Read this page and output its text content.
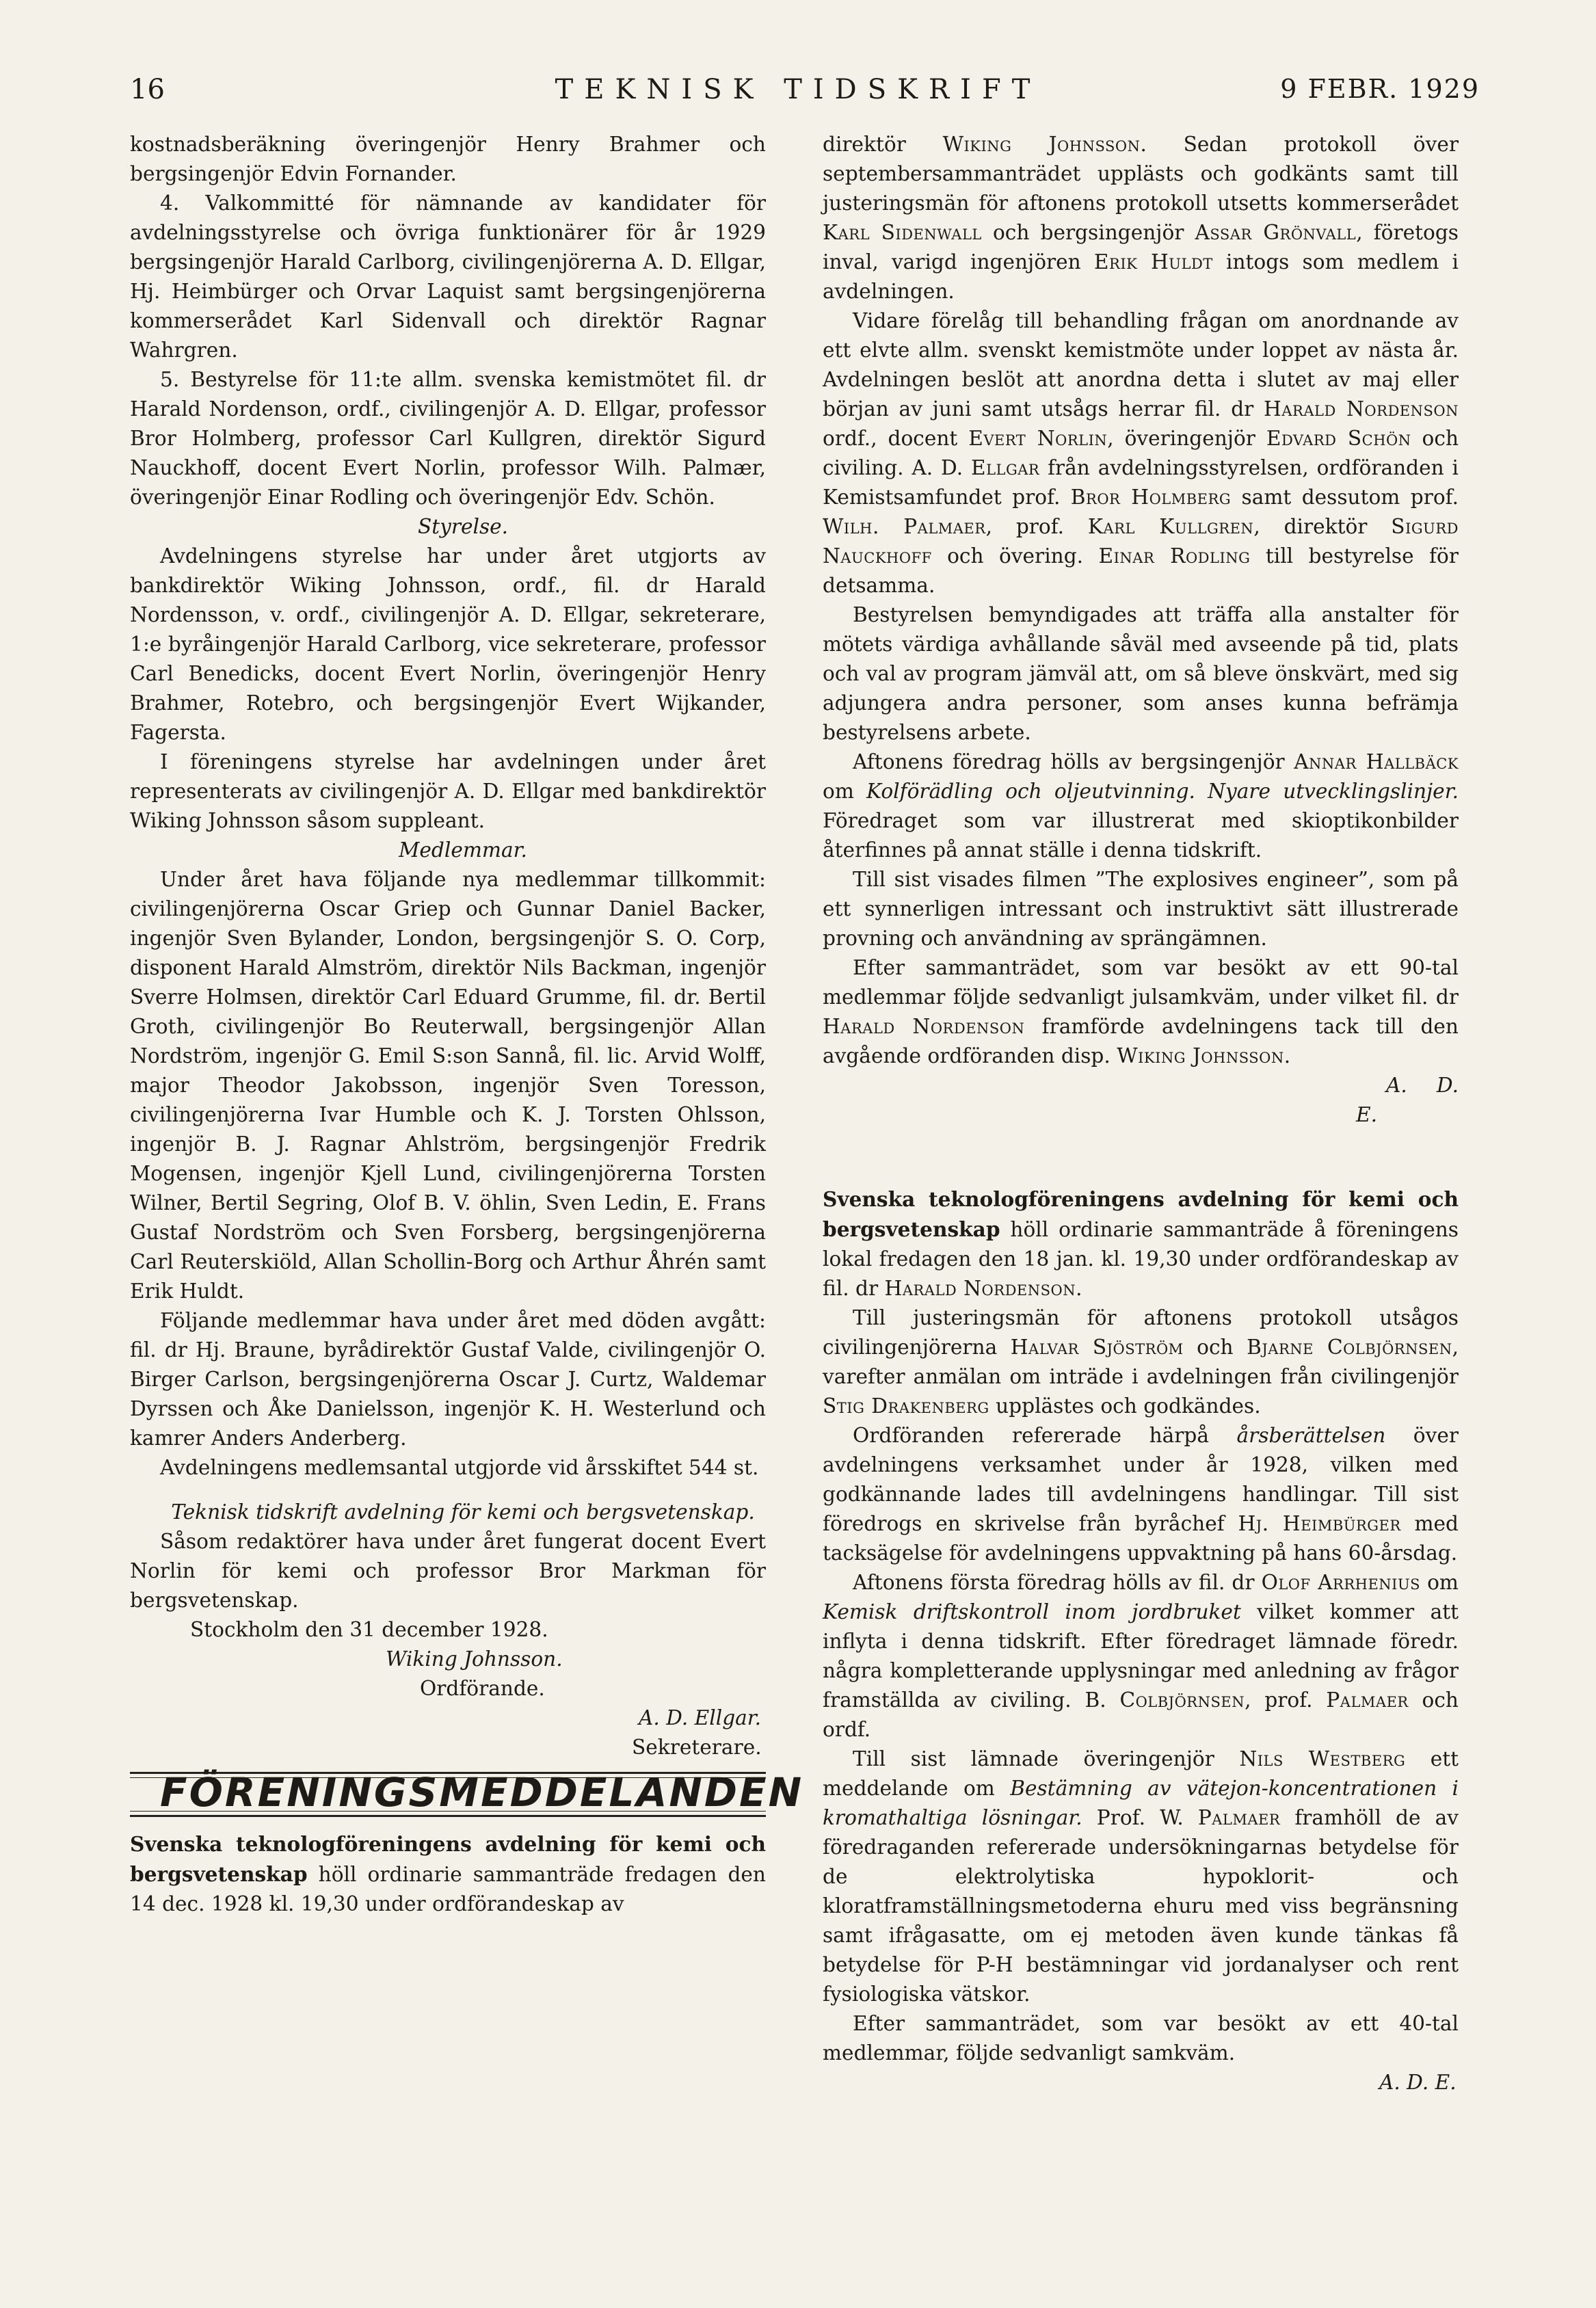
16	TEKNISK TIDSKRIFT	9 FEBR. 1929

kostnadsberäkning överingenjör Henry Brahmer och bergsingenjör Edvin Fornander.

4. Valkommitté för nämnande av kandidater för avdelningsstyrelse och övriga funktionärer för år 1929 bergsingenjör Harald Carlborg, civilingenjörerna A. D. Ellgar, Hj. Heimbürger och Orvar Laquist samt bergsingenjörerna kommerserådet Karl Sidenvall och direktör Ragnar Wahrgren.

5. Bestyrelse för 11:te allm. svenska kemistmötet fil. dr Harald Nordenson, ordf., civilingenjör A. D. Ellgar, professor Bror Holmberg, professor Carl Kullgren, direktör Sigurd Nauckhoff, docent Evert Norlin, professor Wilh. Palmær, överingenjör Einar Rodling och överingenjör Edv. Schön.

Styrelse.

Avdelningens styrelse har under året utgjorts av bankdirektör Wiking Johnsson, ordf., fil. dr Harald Nordensson, v. ordf., civilingenjör A. D. Ellgar, sekreterare, 1:e byråingenjör Harald Carlborg, vice sekreterare, professor Carl Benedicks, docent Evert Norlin, överingenjör Henry Brahmer, Rotebro, och bergsingenjör Evert Wijkander, Fagersta.

I föreningens styrelse har avdelningen under året representerats av civilingenjör A. D. Ellgar med bankdirektör Wiking Johnsson såsom suppleant.

Medlemmar.

Under året hava följande nya medlemmar tillkommit: civilingenjörerna Oscar Griep och Gunnar Daniel Backer, ingenjör Sven Bylander, London, bergsingenjör S. O. Corp, disponent Harald Almström, direktör Nils Backman, ingenjör Sverre Holmsen, direktör Carl Eduard Grumme, fil. dr. Bertil Groth, civilingenjör Bo Reuterwall, bergsingenjör Allan Nordström, ingenjör G. Emil S:son Sannå, fil. lic. Arvid Wolff, major Theodor Jakobsson, ingenjör Sven Toresson, civilingenjörerna Ivar Humble och K. J. Torsten Ohlsson, ingenjör B. J. Ragnar Ahlström, bergsingenjör Fredrik Mogensen, ingenjör Kjell Lund, civilingenjörerna Torsten Wilner, Bertil Segring, Olof B. V. öhlin, Sven Ledin, E. Frans Gustaf Nordström och Sven Forsberg, bergsingenjörerna Carl Reuterskiöld, Allan Schollin-Borg och Arthur Åhrén samt Erik Huldt.

Följande medlemmar hava under året med döden avgått: fil. dr Hj. Braune, byrådirektör Gustaf Valde, civilingenjör O. Birger Carlson, bergsingenjörerna Oscar J. Curtz, Waldemar Dyrssen och Åke Danielsson, ingenjör K. H. Westerlund och kamrer Anders Anderberg.

Avdelningens medlemsantal utgjorde vid årsskiftet 544 st.

Teknisk tidskrift avdelning för kemi och bergsvetenskap.

Såsom redaktörer hava under året fungerat docent Evert Norlin för kemi och professor Bror Markman för bergsvetenskap.

Stockholm den 31 december 1928.

Wiking Johnsson.

Ordförande.

A. D. Ellgar.

Sekreterare.

FÖRENINGSMEDDELANDEN

Svenska teknologföreningens avdelning för kemi och bergsvetenskap höll ordinarie sammanträde fredagen den 14 dec. 1928 kl. 19,30 under ordförandeskap av

direktör Wiking Johnsson. Sedan protokoll över septembersammanträdet upplästs och godkänts samt till justeringsmän för aftonens protokoll utsetts kommerserådet Karl Sidenwall och bergsingenjör Assar Grönvall, företogs inval, varigd ingenjören Erik Huldt intogs som medlem i avdelningen.

Vidare förelåg till behandling frågan om anordnande av ett elvte allm. svenskt kemistmöte under loppet av nästa år. Avdelningen beslöt att anordna detta i slutet av maj eller början av juni samt utsågs herrar fil. dr Harald Nordenson ordf., docent Evert Norlin, överingenjör Edvard Schön och civiling. A. D. Ellgar från avdelningsstyrelsen, ordföranden i Kemistsamfundet prof. Bror Holmberg samt dessutom prof. Wilh. Palmaer, prof. Karl Kullgren, direktör Sigurd Nauckhoff och övering. Einar Rodling till bestyrelse för detsamma.

Bestyrelsen bemyndigades att träffa alla anstalter för mötets värdiga avhållande såväl med avseende på tid, plats och val av program jämväl att, om så bleve önskvärt, med sig adjungera andra personer, som anses kunna befrämja bestyrelsens arbete.

Aftonens föredrag hölls av bergsingenjör Annar Hallbäck om Kolförädling och oljeutvinning. Nyare utvecklingslinjer. Föredraget som var illustrerat med skioptikonbilder återfinnes på annat ställe i denna tidskrift.

Till sist visades filmen ”The explosives engineer”, som på ett synnerligen intressant och instruktivt sätt illustrerade provning och användning av sprängämnen.

Efter sammanträdet, som var besökt av ett 90-tal medlemmar följde sedvanligt julsamkväm, under vilket fil. dr Harald Nordenson framförde avdelningens tack till den avgående ordföranden disp. Wiking Johnsson.

A. D. E.

Svenska teknologföreningens avdelning för kemi och bergsvetenskap höll ordinarie sammanträde å föreningens lokal fredagen den 18 jan. kl. 19,30 under ordförandeskap av fil. dr Harald Nordenson.

Till justeringsmän för aftonens protokoll utsågos civilingenjörerna Halvar Sjöström och Bjarne Colbjörnsen, varefter anmälan om inträde i avdelningen från civilingenjör Stig Drakenberg upplästes och godkändes.

Ordföranden refererade härpå årsberättelsen över avdelningens verksamhet under år 1928, vilken med godkännande lades till avdelningens handlingar. Till sist föredrogs en skrivelse från byråchef Hj. Heimbürger med tacksägelse för avdelningens uppvaktning på hans 60-årsdag.

Aftonens första föredrag hölls av fil. dr Olof Arrhenius om Kemisk driftskontroll inom jordbruket vilket kommer att inflyta i denna tidskrift. Efter föredraget lämnade föredr. några kompletterande upplysningar med anledning av frågor framställda av civiling. B. Colbjörnsen, prof. Palmaer och ordf.

Till sist lämnade överingenjör Nils Westberg ett meddelande om Bestämning av vätejon-koncentrationen i kromathaltiga lösningar. Prof. W. Palmaer framhöll de av föredraganden refererade undersökningarnas betydelse för de elektrolytiska hypoklorit- och kloratframställningsmetoderna ehuru med viss begränsning samt ifrågasatte, om ej metoden även kunde tänkas få betydelse för P-H bestämningar vid jordanalyser och rent fysiologiska vätskor.

Efter sammanträdet, som var besökt av ett 40-tal medlemmar, följde sedvanligt samkväm.

A. D. E.
